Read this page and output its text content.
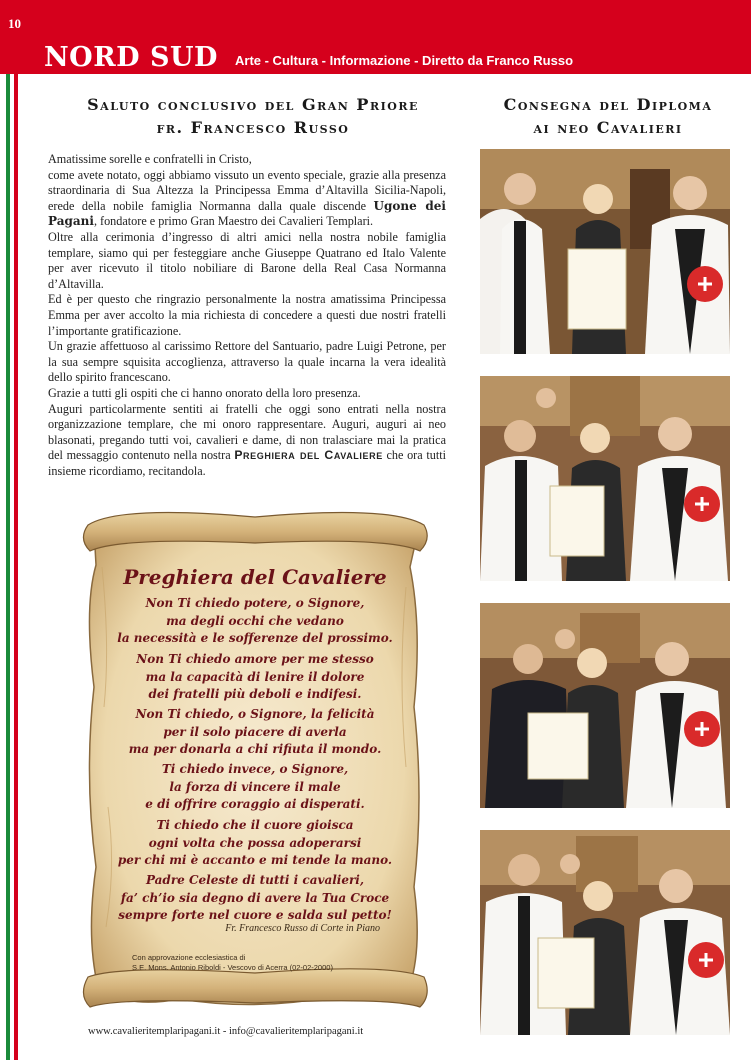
10
NORD SUD Arte - Cultura - Informazione - Diretto da Franco Russo
Saluto conclusivo del Gran Priore
fr. Francesco Russo
Consegna del Diploma
ai neo Cavalieri

Amatissime sorelle e confratelli in Cristo,

come avete notato, oggi abbiamo vissuto un evento speciale, grazie alla presenza straordinaria di Sua Altezza la Principessa Emma d’Altavilla Sicilia-Napoli, erede della nobile famiglia Normanna dalla quale discende Ugone dei Pagani, fondatore e primo Gran Maestro dei Cavalieri Templari.

Oltre alla cerimonia d’ingresso di altri amici nella nostra nobile famiglia templare, siamo qui per festeggiare anche Giuseppe Quatrano ed Italo Valente per aver ricevuto il titolo nobiliare di Barone della Real Casa Normanna d’Altavilla.

Ed è per questo che ringrazio personalmente la nostra amatissima Principessa Emma per aver accolto la mia richiesta di concedere a questi due nostri fratelli l’importante gratificazione.

Un grazie affettuoso al carissimo Rettore del Santuario, padre Luigi Petrone, per la sua sempre squisita accoglienza, attraverso la quale incarna la vera idealità dello spirito francescano.

Grazie a tutti gli ospiti che ci hanno onorato della loro presenza.

Auguri particolarmente sentiti ai fratelli che oggi sono entrati nella nostra organizzazione templare, che mi onoro rappresentare. Auguri, auguri ai neo blasonati, pregando tutti voi, cavalieri e dame, di non tralasciare mai la pratica del messaggio contenuto nella nostra Preghiera del Cavaliere che ora tutti insieme ricordiamo, recitandola.

Preghiera del Cavaliere
Non Ti chiedo potere, o Signore,
ma degli occhi che vedano
la necessità e le sofferenze del prossimo.
Non Ti chiedo amore per me stesso
ma la capacità di lenire il dolore
dei fratelli più deboli e indifesi.
Non Ti chiedo, o Signore, la felicità
per il solo piacere di averla
ma per donarla a chi rifiuta il mondo.
Ti chiedo invece, o Signore,
la forza di vincere il male
e di offrire coraggio ai disperati.
Ti chiedo che il cuore gioisca
ogni volta che possa adoperarsi
per chi mi è accanto e mi tende la mano.
Padre Celeste di tutti i cavalieri,
fa’ ch’io sia degno di avere la Tua Croce
sempre forte nel cuore e salda sul petto!
Fr. Francesco Russo di Corte in Piano
Con approvazione ecclesiastica di
S.E. Mons. Antonio Riboldi - Vescovo di Acerra (02-02-2000)
www.cavalieritemplaripagani.it - info@cavalieritemplaripagani.it
